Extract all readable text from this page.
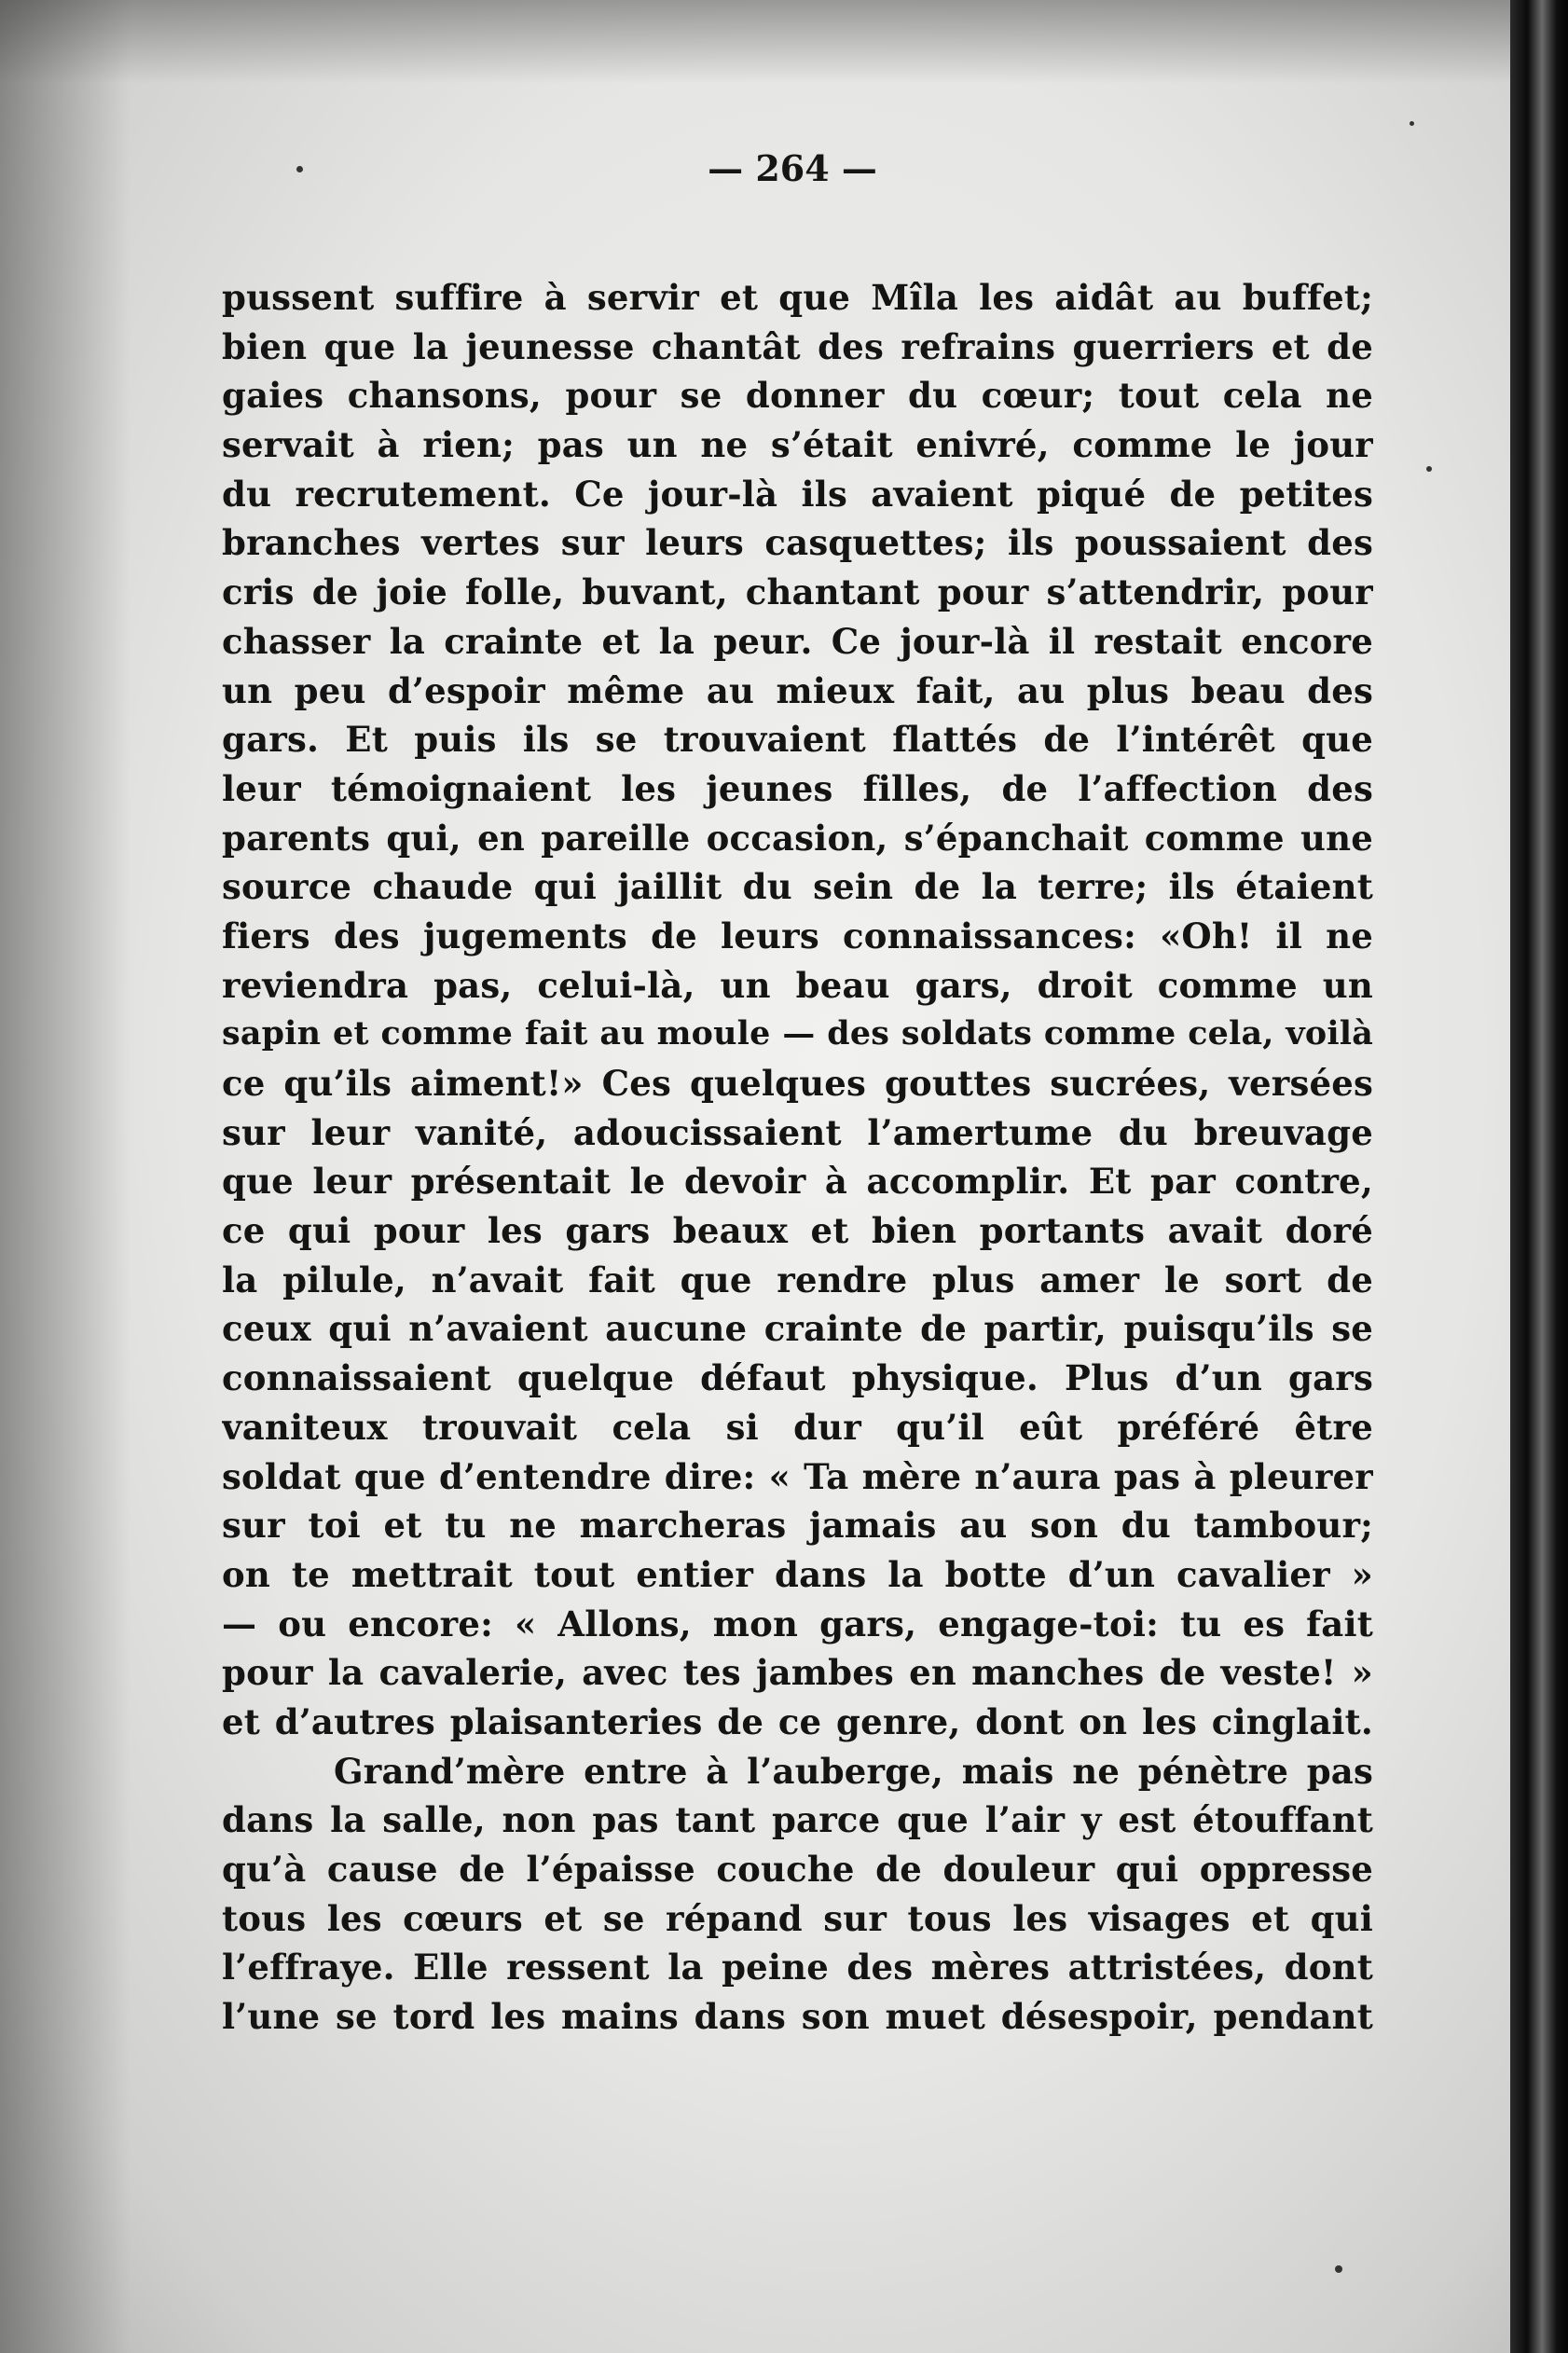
— 264 —
pussent suffire à servir et que Mîla les aidât au buffet;
bien que la jeunesse chantât des refrains guerriers et de
gaies chansons, pour se donner du cœur; tout cela ne
servait à rien; pas un ne s’était enivré, comme le jour
du recrutement. Ce jour-là ils avaient piqué de petites
branches vertes sur leurs casquettes; ils poussaient des
cris de joie folle, buvant, chantant pour s’attendrir, pour
chasser la crainte et la peur. Ce jour-là il restait encore
un peu d’espoir même au mieux fait, au plus beau des
gars. Et puis ils se trouvaient flattés de l’intérêt que
leur témoignaient les jeunes filles, de l’affection des
parents qui, en pareille occasion, s’épanchait comme une
source chaude qui jaillit du sein de la terre; ils étaient
fiers des jugements de leurs connaissances: «Oh! il ne
reviendra pas, celui-là, un beau gars, droit comme un
sapin et comme fait au moule — des soldats comme cela, voilà
ce qu’ils aiment!» Ces quelques gouttes sucrées, versées
sur leur vanité, adoucissaient l’amertume du breuvage
que leur présentait le devoir à accomplir. Et par contre,
ce qui pour les gars beaux et bien portants avait doré
la pilule, n’avait fait que rendre plus amer le sort de
ceux qui n’avaient aucune crainte de partir, puisqu’ils se
connaissaient quelque défaut physique. Plus d’un gars
vaniteux trouvait cela si dur qu’il eût préféré être
soldat que d’entendre dire: « Ta mère n’aura pas à pleurer
sur toi et tu ne marcheras jamais au son du tambour;
on te mettrait tout entier dans la botte d’un cavalier »
— ou encore: « Allons, mon gars, engage-toi: tu es fait
pour la cavalerie, avec tes jambes en manches de veste! »
et d’autres plaisanteries de ce genre, dont on les cinglait.
Grand’mère entre à l’auberge, mais ne pénètre pas
dans la salle, non pas tant parce que l’air y est étouffant
qu’à cause de l’épaisse couche de douleur qui oppresse
tous les cœurs et se répand sur tous les visages et qui
l’effraye. Elle ressent la peine des mères attristées, dont
l’une se tord les mains dans son muet désespoir, pendant
